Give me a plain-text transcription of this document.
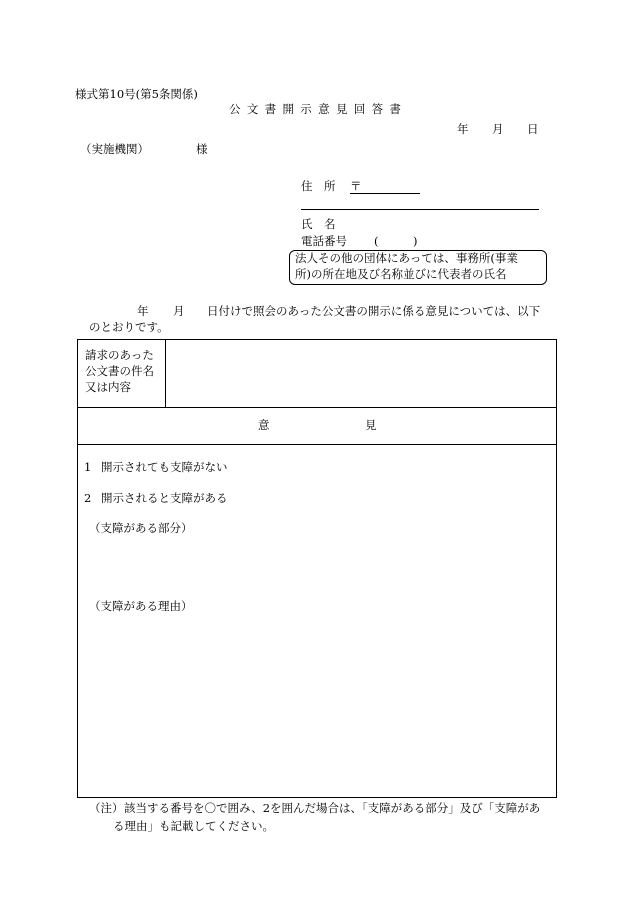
様式第10号(第5条関係)
公文書開示意見回答書
年 月 日
（実施機関）	様
住　所 〒
氏　名
電話番号 (　　　)
法人その他の団体にあっては、事務所(事業
所)の所在地及び名称並びに代表者の氏名
年 月 日付けで照会のあった公文書の開示に係る意見については、以下
のとおりです。
請求のあった
公文書の件名
又は内容
意	見
1 開示されても支障がない
2 開示されると支障がある
（支障がある部分）
（支障がある理由）
（注） 該当する番号を〇で囲み、2を囲んだ場合は、「支障がある部分」及び「支障があ
る理由」も記載してください。
